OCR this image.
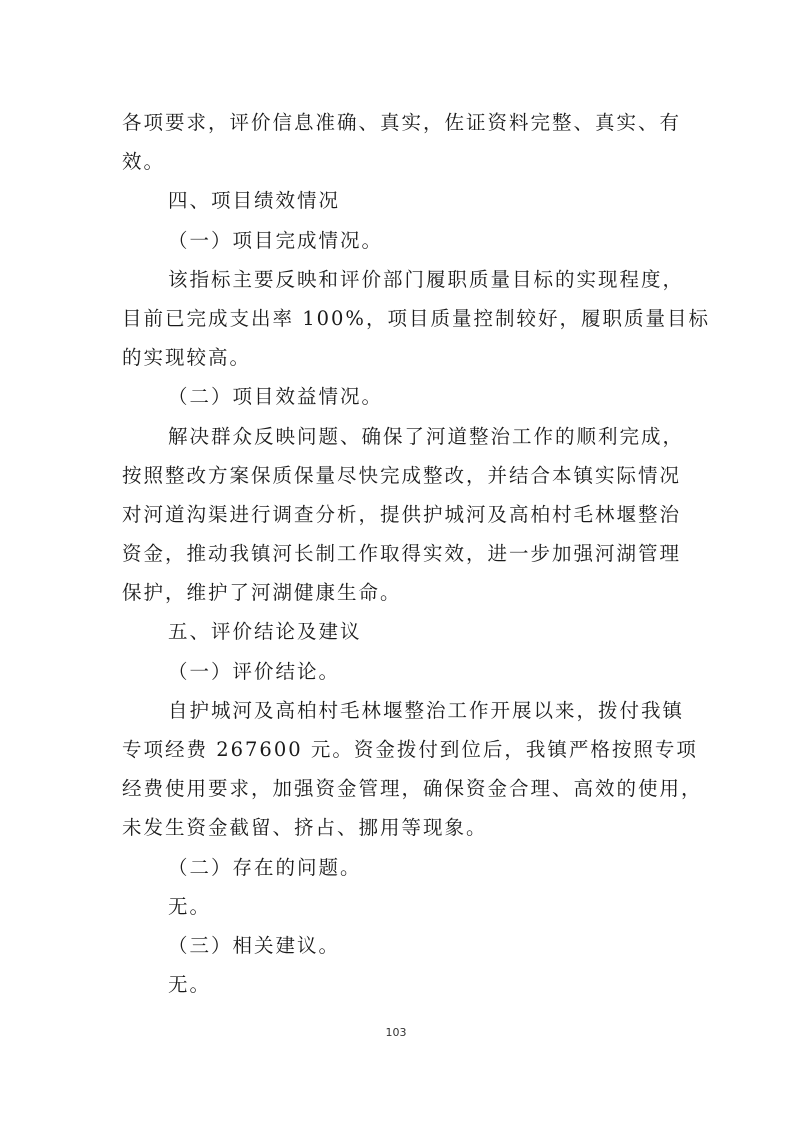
各项要求，评价信息准确、真实，佐证资料完整、真实、有
效。
四、项目绩效情况
（一）项目完成情况。
该指标主要反映和评价部门履职质量目标的实现程度，
目前已完成支出率 100%，项目质量控制较好，履职质量目标
的实现较高。
（二）项目效益情况。
解决群众反映问题、确保了河道整治工作的顺利完成，
按照整改方案保质保量尽快完成整改，并结合本镇实际情况
对河道沟渠进行调查分析，提供护城河及高柏村毛林堰整治
资金，推动我镇河长制工作取得实效，进一步加强河湖管理
保护，维护了河湖健康生命。
五、评价结论及建议
（一）评价结论。
自护城河及高柏村毛林堰整治工作开展以来，拨付我镇
专项经费 267600 元。资金拨付到位后，我镇严格按照专项
经费使用要求，加强资金管理，确保资金合理、高效的使用，
未发生资金截留、挤占、挪用等现象。
（二）存在的问题。
无。
（三）相关建议。
无。
103
